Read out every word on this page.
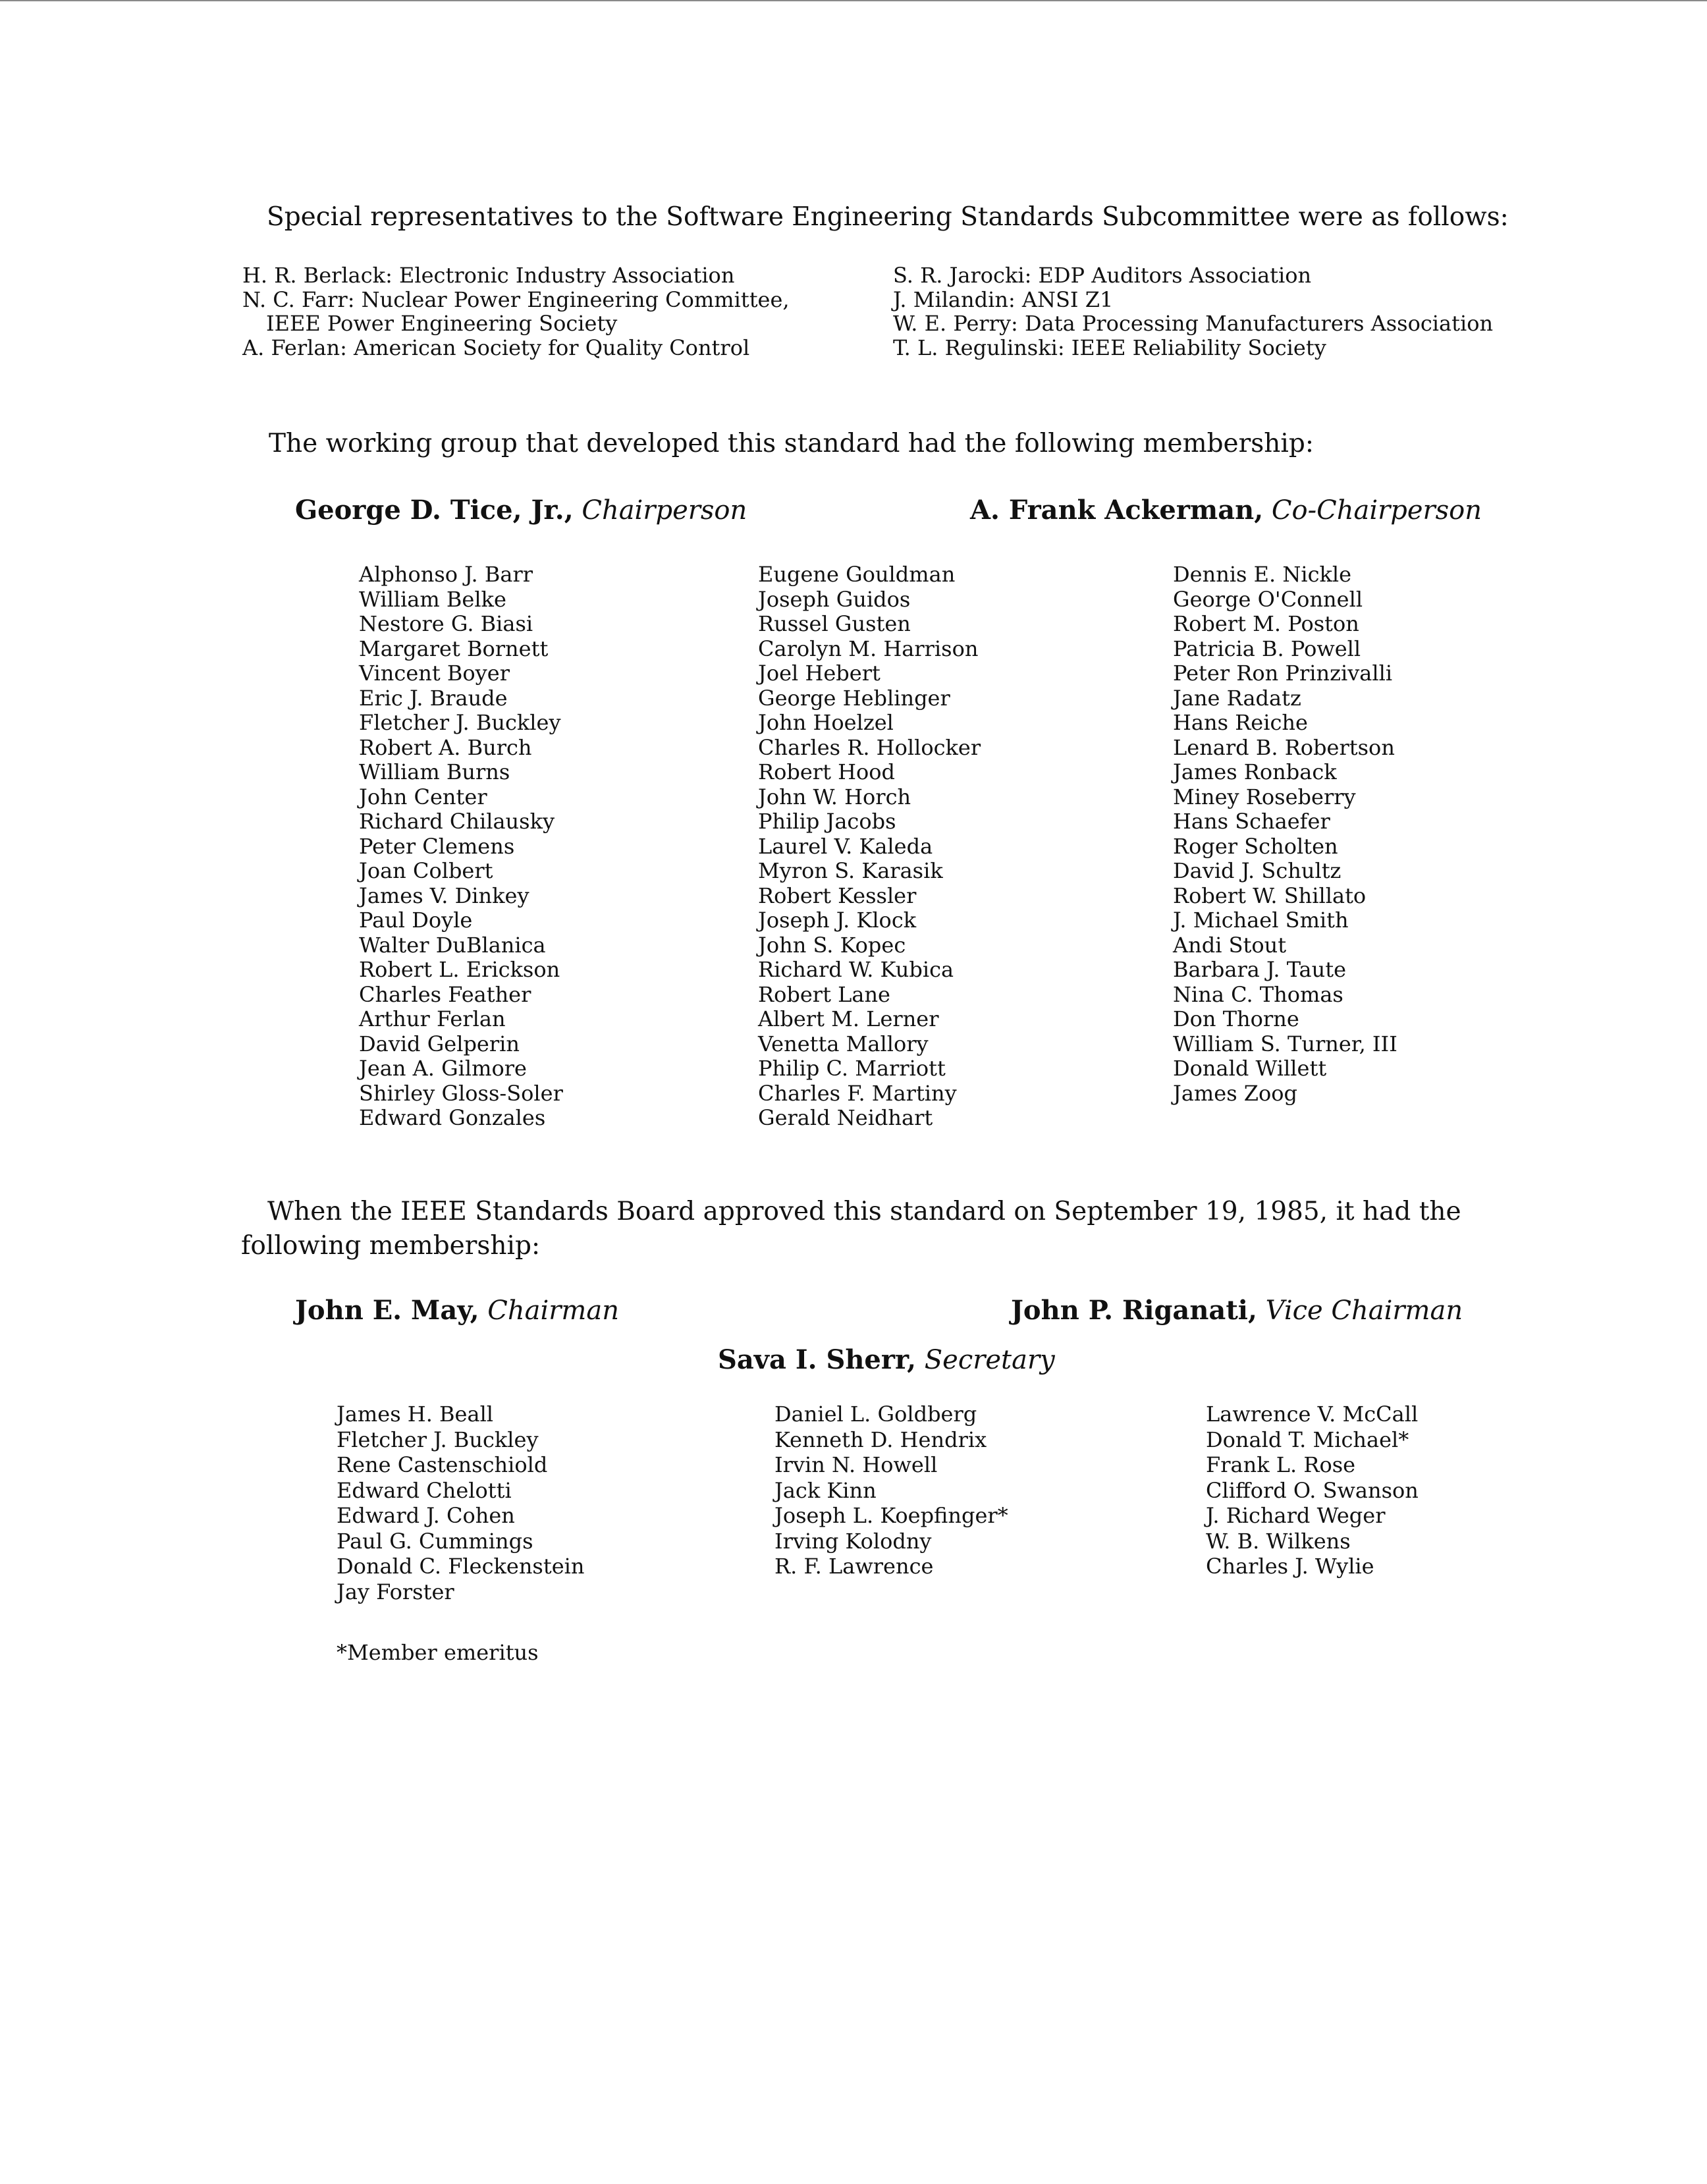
Special representatives to the Software Engineering Standards Subcommittee were as follows:
H. R. Berlack: Electronic Industry Association
N. C. Farr: Nuclear Power Engineering Committee,
IEEE Power Engineering Society
A. Ferlan: American Society for Quality Control
S. R. Jarocki: EDP Auditors Association
J. Milandin: ANSI Z1
W. E. Perry: Data Processing Manufacturers Association
T. L. Regulinski: IEEE Reliability Society
The working group that developed this standard had the following membership:
George D. Tice, Jr., Chairperson	A. Frank Ackerman, Co-Chairperson
Alphonso J. Barr
William Belke
Nestore G. Biasi
Margaret Bornett
Vincent Boyer
Eric J. Braude
Fletcher J. Buckley
Robert A. Burch
William Burns
John Center
Richard Chilausky
Peter Clemens
Joan Colbert
James V. Dinkey
Paul Doyle
Walter DuBlanica
Robert L. Erickson
Charles Feather
Arthur Ferlan
David Gelperin
Jean A. Gilmore
Shirley Gloss-Soler
Edward Gonzales
Eugene Gouldman
Joseph Guidos
Russel Gusten
Carolyn M. Harrison
Joel Hebert
George Heblinger
John Hoelzel
Charles R. Hollocker
Robert Hood
John W. Horch
Philip Jacobs
Laurel V. Kaleda
Myron S. Karasik
Robert Kessler
Joseph J. Klock
John S. Kopec
Richard W. Kubica
Robert Lane
Albert M. Lerner
Venetta Mallory
Philip C. Marriott
Charles F. Martiny
Gerald Neidhart
Dennis E. Nickle
George O'Connell
Robert M. Poston
Patricia B. Powell
Peter Ron Prinzivalli
Jane Radatz
Hans Reiche
Lenard B. Robertson
James Ronback
Miney Roseberry
Hans Schaefer
Roger Scholten
David J. Schultz
Robert W. Shillato
J. Michael Smith
Andi Stout
Barbara J. Taute
Nina C. Thomas
Don Thorne
William S. Turner, III
Donald Willett
James Zoog
When the IEEE Standards Board approved this standard on September 19, 1985, it had the following membership:
John E. May, Chairman	John P. Riganati, Vice Chairman
Sava I. Sherr, Secretary
James H. Beall
Fletcher J. Buckley
Rene Castenschiold
Edward Chelotti
Edward J. Cohen
Paul G. Cummings
Donald C. Fleckenstein
Jay Forster
Daniel L. Goldberg
Kenneth D. Hendrix
Irvin N. Howell
Jack Kinn
Joseph L. Koepfinger*
Irving Kolodny
R. F. Lawrence
Lawrence V. McCall
Donald T. Michael*
Frank L. Rose
Clifford O. Swanson
J. Richard Weger
W. B. Wilkens
Charles J. Wylie
*Member emeritus
